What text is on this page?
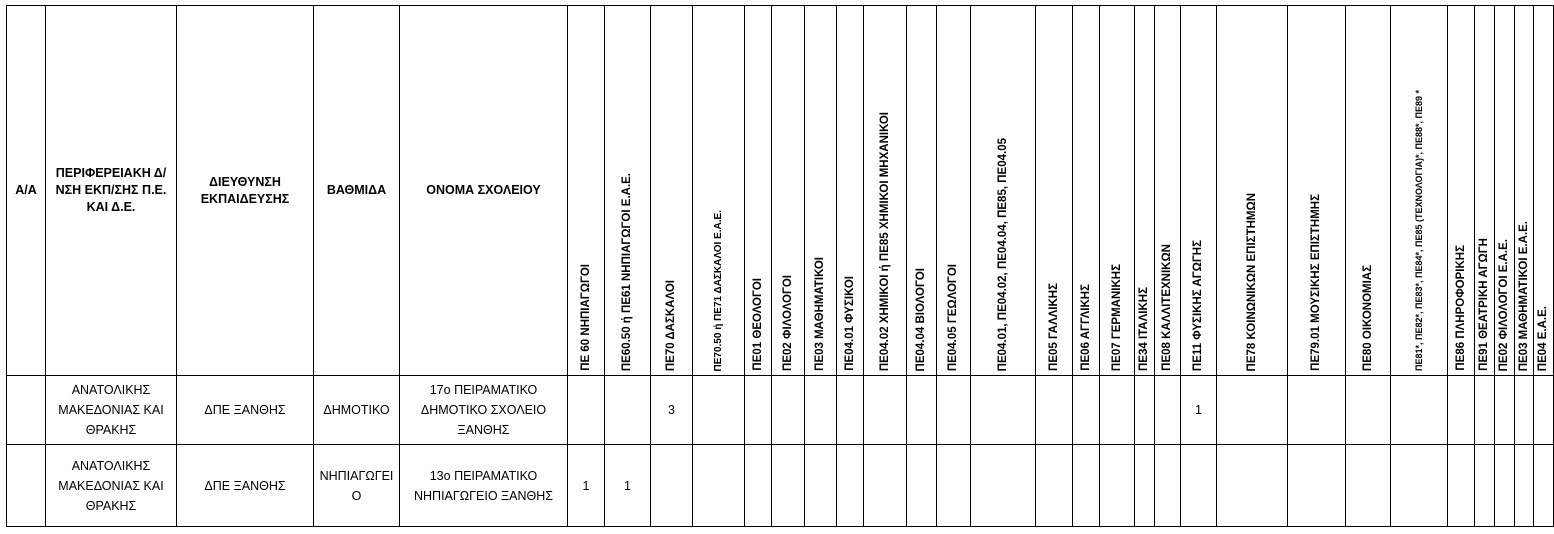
Α/Α	ΠΕΡΙΦΕΡΕΙΑΚΗ Δ/ΝΣΗ ΕΚΠ/ΣΗΣ Π.Ε. ΚΑΙ Δ.Ε.	ΔΙΕΥΘΥΝΣΗ ΕΚΠΑΙΔΕΥΣΗΣ	ΒΑΘΜΙΔΑ	ΟΝΟΜΑ ΣΧΟΛΕΙΟΥ	ΠΕ 60 ΝΗΠΙΑΓΩΓΟΙ	ΠΕ60.50 ή ΠΕ61 ΝΗΠΙΑΓΩΓΟΙ Ε.Α.Ε.	ΠΕ70 ΔΑΣΚΑΛΟΙ	ΠΕ70.50 ή ΠΕ71 ΔΑΣΚΑΛΟΙ Ε.Α.Ε.	ΠΕ01 ΘΕΟΛΟΓΟΙ	ΠΕ02 ΦΙΛΟΛΟΓΟΙ	ΠΕ03 ΜΑΘΗΜΑΤΙΚΟΙ	ΠΕ04.01 ΦΥΣΙΚΟΙ	ΠΕ04.02 ΧΗΜΙΚΟΙ ή ΠΕ85 ΧΗΜΙΚΟΙ ΜΗΧΑΝΙΚΟΙ	ΠΕ04.04 ΒΙΟΛΟΓΟΙ	ΠΕ04.05 ΓΕΩΛΟΓΟΙ	ΠΕ04.01, ΠΕ04.02, ΠΕ04.04, ΠΕ85, ΠΕ04.05	ΠΕ05 ΓΑΛΛΙΚΗΣ	ΠΕ06 ΑΓΓΛΙΚΗΣ	ΠΕ07 ΓΕΡΜΑΝΙΚΗΣ	ΠΕ34 ΙΤΑΛΙΚΗΣ	ΠΕ08 ΚΑΛΛΙΤΕΧΝΙΚΩΝ	ΠΕ11 ΦΥΣΙΚΗΣ ΑΓΩΓΗΣ	ΠΕ78 ΚΟΙΝΩΝΙΚΩΝ ΕΠΙΣΤΗΜΩΝ	ΠΕ79.01 ΜΟΥΣΙΚΗΣ ΕΠΙΣΤΗΜΗΣ	ΠΕ80 ΟΙΚΟΝΟΜΙΑΣ	ΠΕ81*, ΠΕ82*, ΠΕ83*, ΠΕ84*, ΠΕ85 (ΤΕΧΝΟΛΟΓΙΑ)*, ΠΕ88*, ΠΕ89 *	ΠΕ86 ΠΛΗΡΟΦΟΡΙΚΗΣ	ΠΕ91 ΘΕΑΤΡΙΚΗ ΑΓΩΓΗ	ΠΕ02 ΦΙΛΟΛΟΓΟΙ Ε.Α.Ε.	ΠΕ03 ΜΑΘΗΜΑΤΙΚΟΙ Ε.Α.Ε.	ΠΕ04 Ε.Α.Ε.

	ΑΝΑΤΟΛΙΚΗΣ ΜΑΚΕΔΟΝΙΑΣ ΚΑΙ ΘΡΑΚΗΣ	ΔΠΕ ΞΑΝΘΗΣ	ΔΗΜΟΤΙΚΟ	17ο ΠΕΙΡΑΜΑΤΙΚΟ ΔΗΜΟΤΙΚΟ ΣΧΟΛΕΙΟ ΞΑΝΘΗΣ			3															1									
	ΑΝΑΤΟΛΙΚΗΣ ΜΑΚΕΔΟΝΙΑΣ ΚΑΙ ΘΡΑΚΗΣ	ΔΠΕ ΞΑΝΘΗΣ	ΝΗΠΙΑΓΩΓΕΙΟ	13ο ΠΕΙΡΑΜΑΤΙΚΟ ΝΗΠΙΑΓΩΓΕΙΟ ΞΑΝΘΗΣ	1	1																									
